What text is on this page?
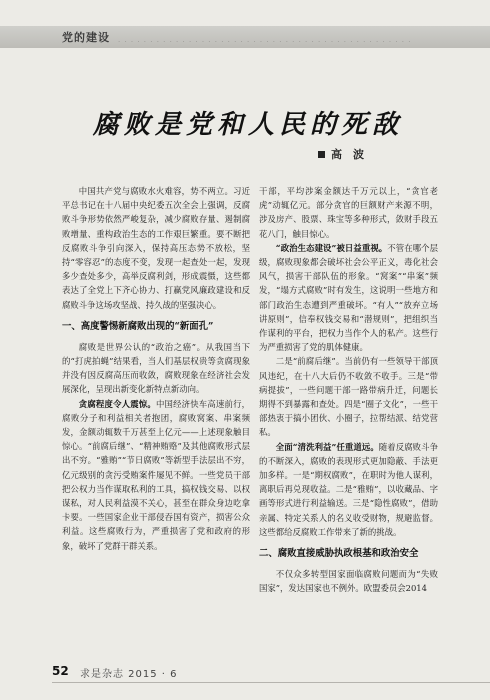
党的建设 · · · · · · · · · · · · · · · · · · · · · · · · · · · · · · · · · · · · · · · · · · · · · ·
腐败是党和人民的死敌
高　波

中国共产党与腐败水火难容，势不两立。习近平总书记在十八届中央纪委五次全会上强调，反腐败斗争形势依然严峻复杂，减少腐败存量、遏制腐败增量、重构政治生态的工作艰巨繁重。要不断把反腐败斗争引向深入，保持高压态势不放松，坚持“零容忍”的态度不变，发现一起查处一起，发现多少查处多少，高举反腐利剑，形成震慑，这些都表达了全党上下齐心协力、打赢党风廉政建设和反腐败斗争这场攻坚战、持久战的坚强决心。

一、高度警惕新腐败出现的“新面孔”

腐败是世界公认的“政治之癌”。从我国当下的“打虎拍蝇”结果看，当人们基层权贵等贪腐现象并没有因反腐高压而收敛，腐败现象在经济社会发展深化，呈现出新变化新特点新动向。

贪腐程度令人震惊。中国经济快车高速前行，腐败分子和利益相关者抱团，腐败窝案、串案频发，金额动辄数千万甚至上亿元——上述现象触目惊心。“前腐后继”、“精神贿赂”及其他腐败形式层出不穷。“雅贿”“节日腐败”等新型手法层出不穷，亿元级别的贪污受贿案件屡见不鲜。一些党员干部把公权力当作谋取私利的工具，搞权钱交易、以权谋私，对人民利益漠不关心，甚至在群众身边吃拿卡要。一些国家企业干部侵吞国有资产，损害公众利益。这些腐败行为，严重损害了党和政府的形象，破坏了党群干群关系。

干部，平均涉案金额达千万元以上，“贪官老虎”动辄亿元。部分贪官的巨额财产来源不明，涉及房产、股票、珠宝等多种形式，敛财手段五花八门，触目惊心。

“政治生态建设”被日益重视。不管在哪个层级，腐败现象都会破坏社会公平正义，毒化社会风气，损害干部队伍的形象。“窝案”“串案”频发，“塌方式腐败”时有发生，这说明一些地方和部门政治生态遭到严重破坏。“有人”“放弃立场讲原则”，信奉权钱交易和“潜规则”，把组织当作谋利的平台，把权力当作个人的私产。这些行为严重损害了党的肌体健康。

二是“前腐后继”。当前仍有一些领导干部顶风违纪，在十八大后仍不收敛不收手。三是“带病提拔”，一些问题干部一路带病升迁，问题长期得不到暴露和查处。四是“圈子文化”，一些干部热衷于搞小团伙、小圈子，拉帮结派、结党营私。

全面“清洗利益”任重道远。随着反腐败斗争的不断深入，腐败的表现形式更加隐蔽、手法更加多样。一是“期权腐败”，在职时为他人谋利，离职后再兑现收益。二是“雅贿”，以收藏品、字画等形式进行利益输送。三是“隐性腐败”，借助亲属、特定关系人的名义收受财物，规避监督。这些都给反腐败工作带来了新的挑战。

二、腐败直接威胁执政根基和政治安全

不仅众多转型国家面临腐败问题而为“失败国家”，发达国家也不例外。欧盟委员会2014

52 求是杂志 2015 · 6
